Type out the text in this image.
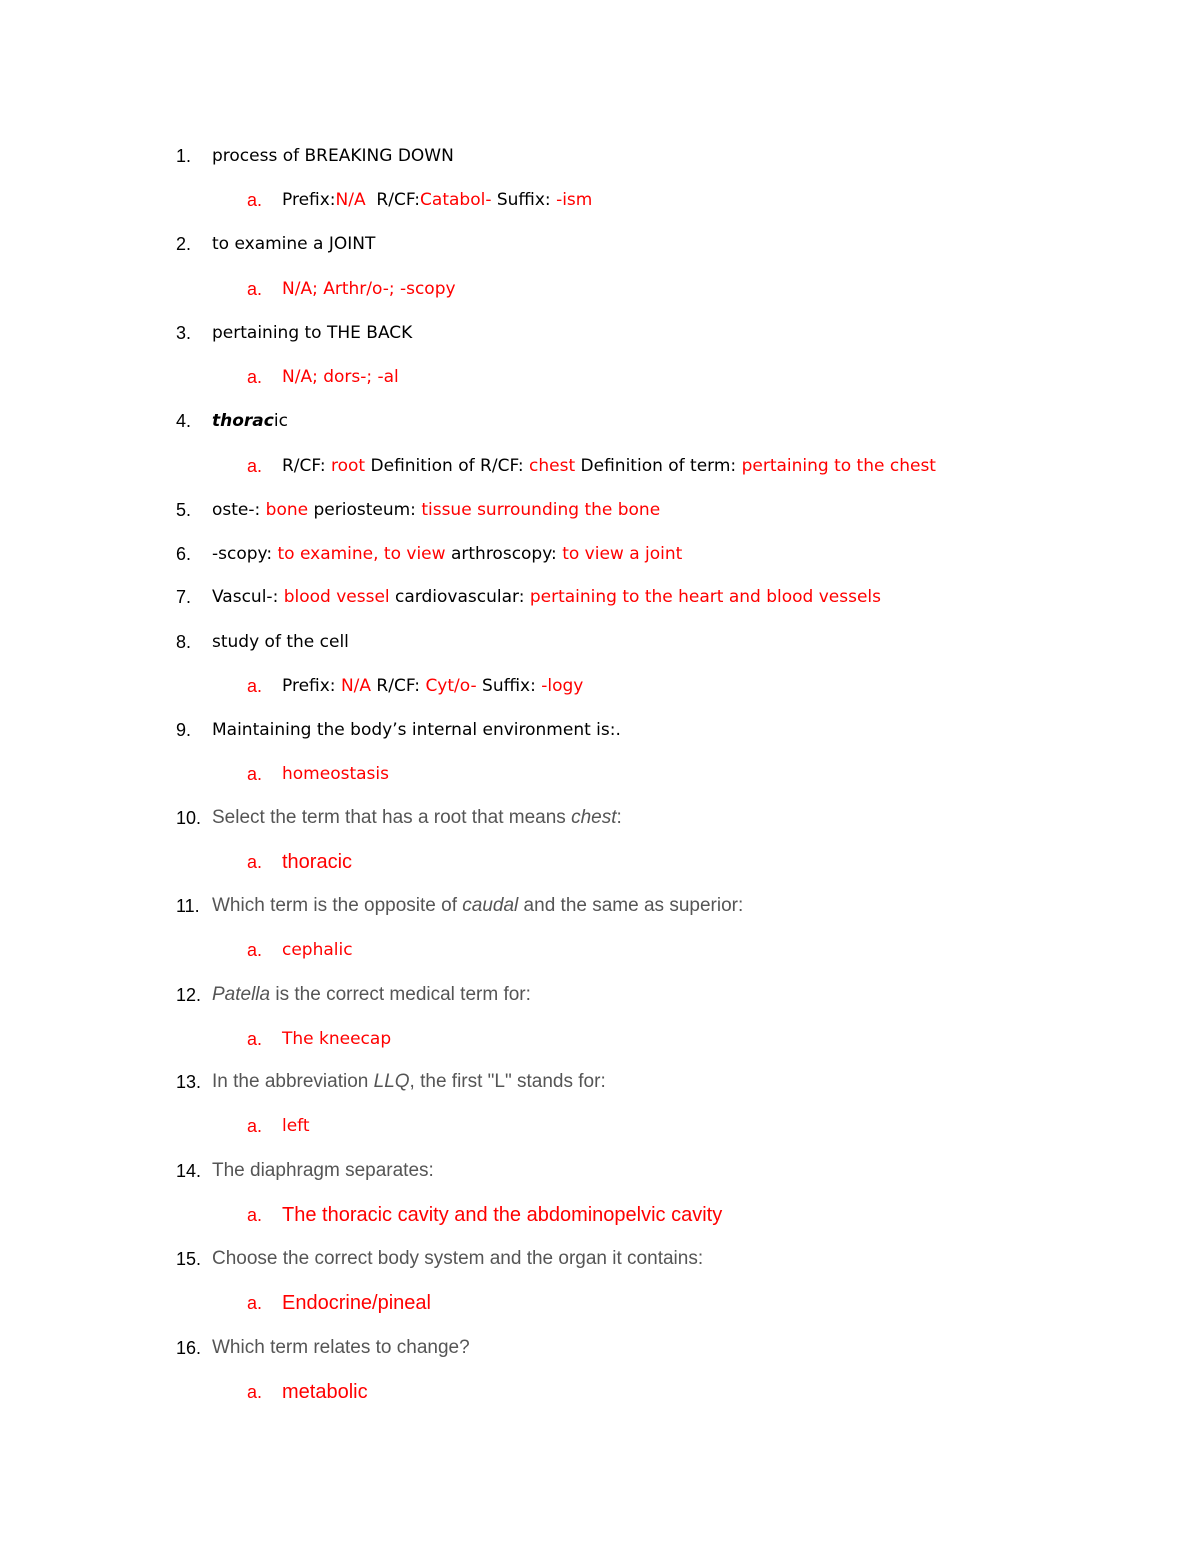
1. process of BREAKING DOWN
a. Prefix:N/A R/CF:Catabol- Suffix: -ism
2. to examine a JOINT
a. N/A; Arthr/o-; -scopy
3. pertaining to THE BACK
a. N/A; dors-; -al
4. thoracic
a. R/CF: root Definition of R/CF: chest Definition of term: pertaining to the chest
5. oste-: bone periosteum: tissue surrounding the bone
6. -scopy: to examine, to view arthroscopy: to view a joint
7. Vascul-: blood vessel cardiovascular: pertaining to the heart and blood vessels
8. study of the cell
a. Prefix: N/A R/CF: Cyt/o- Suffix: -logy
9. Maintaining the body’s internal environment is:.
a. homeostasis
10. Select the term that has a root that means chest:
a. thoracic
11. Which term is the opposite of caudal and the same as superior:
a. cephalic
12. Patella is the correct medical term for:
a. The kneecap
13. In the abbreviation LLQ, the first "L" stands for:
a. left
14. The diaphragm separates:
a. The thoracic cavity and the abdominopelvic cavity
15. Choose the correct body system and the organ it contains:
a. Endocrine/pineal
16. Which term relates to change?
a. metabolic
